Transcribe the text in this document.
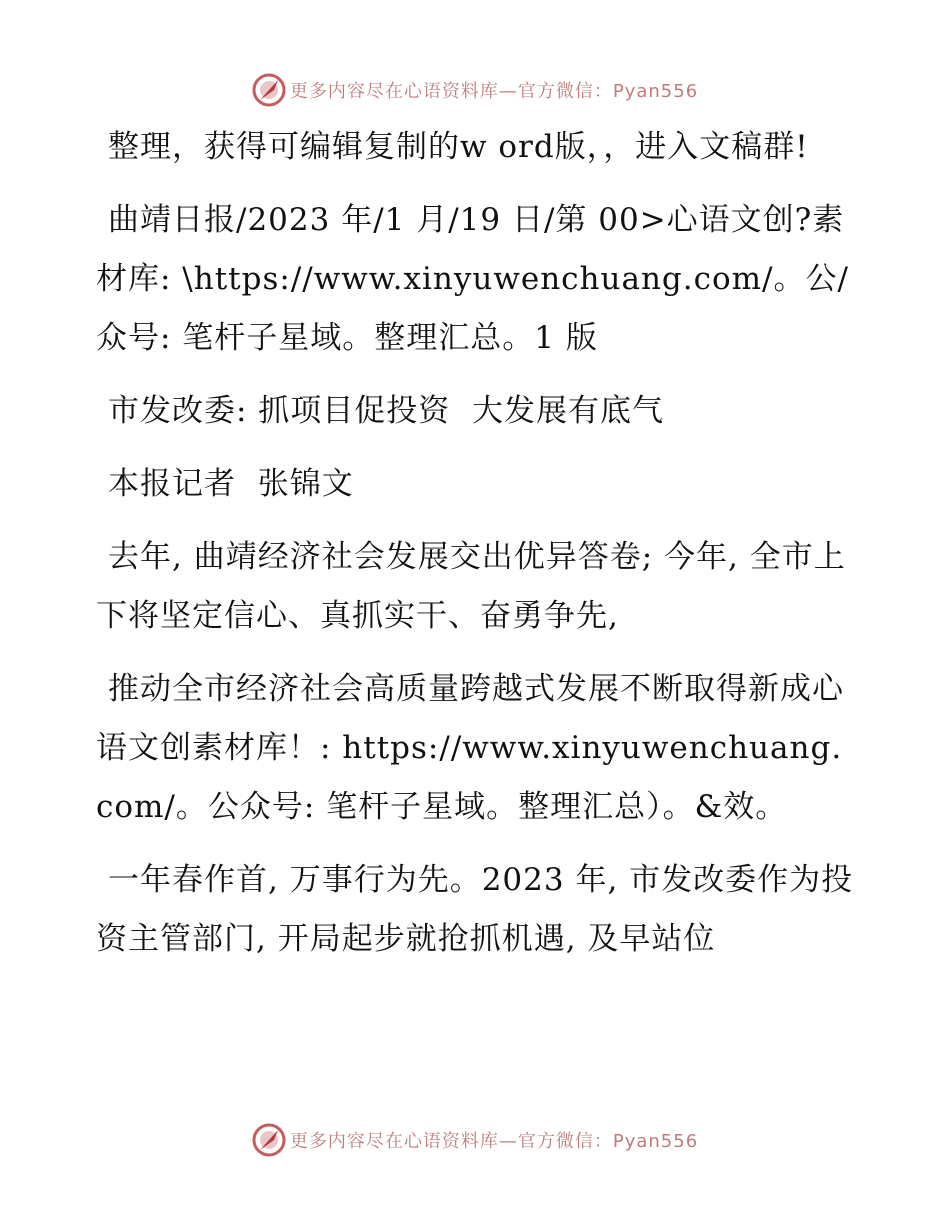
更多内容尽在心语资料库—官方微信：Pyan556

整理，获得可编辑复制的w ord版，，进入文稿群!

曲靖日报/2023 年/1 月/19 日/第 00>心语文创?素材库: \https://www.xinyuwenchuang.com/。公/众号: 笔杆子星域。整理汇总。1 版

市发改委: 抓项目促投资  大发展有底气

本报记者  张锦文

去年, 曲靖经济社会发展交出优异答卷; 今年, 全市上下将坚定信心、真抓实干、奋勇争先,

推动全市经济社会高质量跨越式发展不断取得新成心语文创素材库！: https://www.xinyuwenchuang.com/。公众号: 笔杆子星域。整理汇总）。&效。

一年春作首, 万事行为先。2023 年, 市发改委作为投资主管部门, 开局起步就抢抓机遇, 及早站位

更多内容尽在心语资料库—官方微信：Pyan556
